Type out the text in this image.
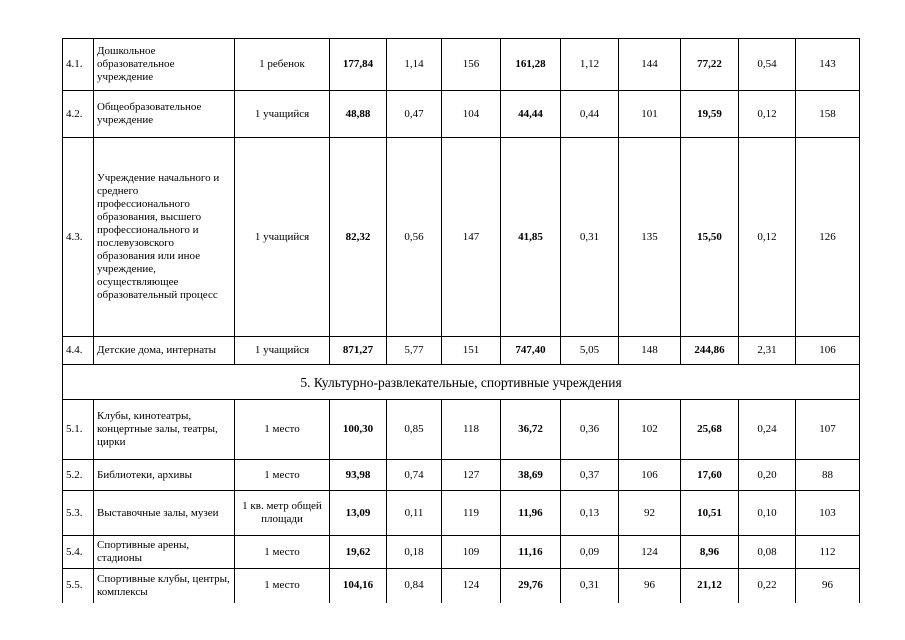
4.1.	Дошкольное образовательное учреждение	1 ребенок	177,84	1,14	156	161,28	1,12	144	77,22	0,54	143
4.2.	Общеобразовательное учреждение	1 учащийся	48,88	0,47	104	44,44	0,44	101	19,59	0,12	158
4.3.	Учреждение начального и среднего профессионального образования, высшего профессионального и послевузовского образования или иное учреждение, осуществляющее образовательный процесс	1 учащийся	82,32	0,56	147	41,85	0,31	135	15,50	0,12	126
4.4.	Детские дома, интернаты	1 учащийся	871,27	5,77	151	747,40	5,05	148	244,86	2,31	106
5. Культурно-развлекательные, спортивные учреждения											
5.1.	Клубы, кинотеатры, концертные залы, театры, цирки	1 место	100,30	0,85	118	36,72	0,36	102	25,68	0,24	107
5.2.	Библиотеки, архивы	1 место	93,98	0,74	127	38,69	0,37	106	17,60	0,20	88
5.3.	Выставочные залы, музеи	1 кв. метр общей площади	13,09	0,11	119	11,96	0,13	92	10,51	0,10	103
5.4.	Спортивные арены, стадионы	1 место	19,62	0,18	109	11,16	0,09	124	8,96	0,08	112
5.5.	Спортивные клубы, центры, комплексы	1 место	104,16	0,84	124	29,76	0,31	96	21,12	0,22	96
